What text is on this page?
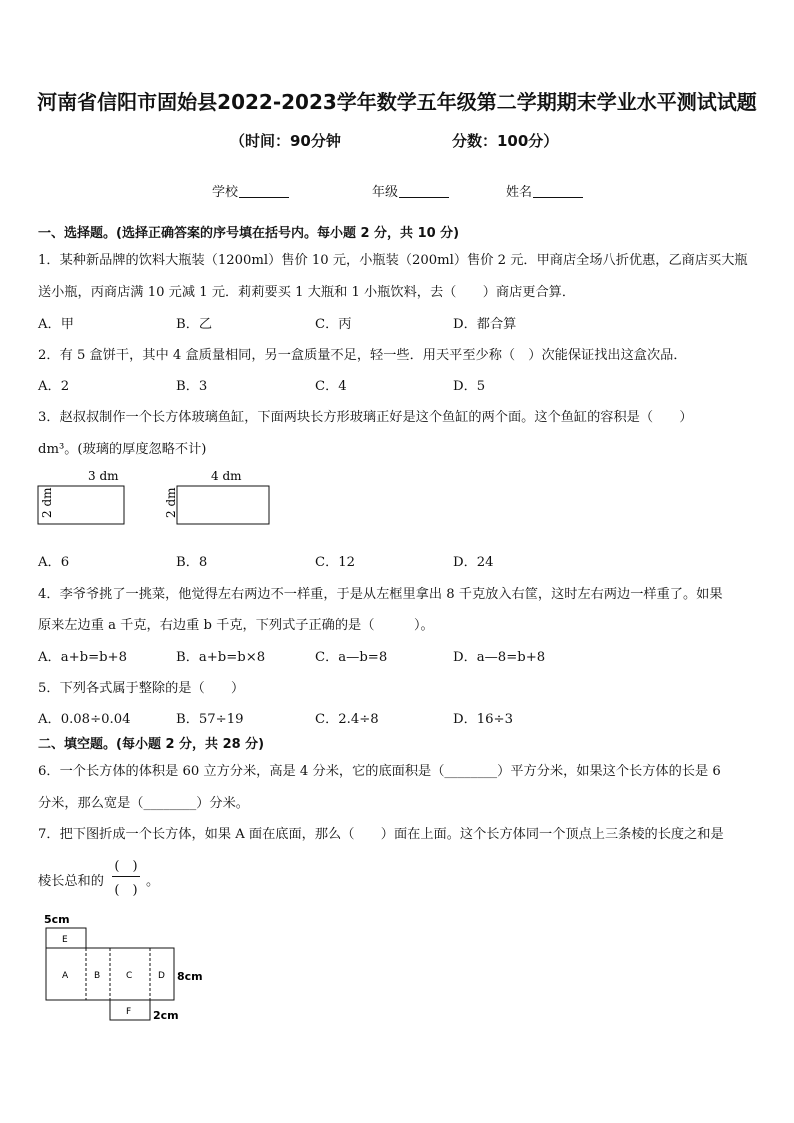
河南省信阳市固始县2022-2023学年数学五年级第二学期期末学业水平测试试题
（时间：90分钟	分数：100分）
学校	年级	姓名
一、选择题。(选择正确答案的序号填在括号内。每小题 2 分，共 10 分)
1．某种新品牌的饮料大瓶装（1200ml）售价 10 元，小瓶装（200ml）售价 2 元．甲商店全场八折优惠，乙商店买大瓶
送小瓶，丙商店满 10 元减 1 元．莉莉要买 1 大瓶和 1 小瓶饮料，去（　　）商店更合算．
A．甲	B．乙	C．丙	D．都合算
2．有 5 盒饼干，其中 4 盒质量相同，另一盒质量不足，轻一些．用天平至少称（　）次能保证找出这盒次品．
A．2	B．3	C．4	D．5
3．赵叔叔制作一个长方体玻璃鱼缸，下面两块长方形玻璃正好是这个鱼缸的两个面。这个鱼缸的容积是（　　）
dm³。(玻璃的厚度忽略不计)
3 dm
2 dm
4 dm
2 dm
A．6	B．8	C．12	D．24
4．李爷爷挑了一挑菜，他觉得左右两边不一样重，于是从左框里拿出 8 千克放入右筐，这时左右两边一样重了。如果
原来左边重 a 千克，右边重 b 千克，下列式子正确的是（　　　）。
A．a+b=b+8	B．a+b=b×8	C．a—b=8	D．a—8=b+8
5．下列各式属于整除的是（　　）
A．0.08÷0.04	B．57÷19	C．2.4÷8	D．16÷3
二、填空题。(每小题 2 分，共 28 分)
6．一个长方体的体积是 60 立方分米，高是 4 分米，它的底面积是（________）平方分米，如果这个长方体的长是 6
分米，那么宽是（________）分米。
7．把下图折成一个长方体，如果 A 面在底面，那么（　　）面在上面。这个长方体同一个顶点上三条棱的长度之和是
棱长总和的
(　)
(　)
。
5cm
E
A	B	C	D 8cm
F 2cm
